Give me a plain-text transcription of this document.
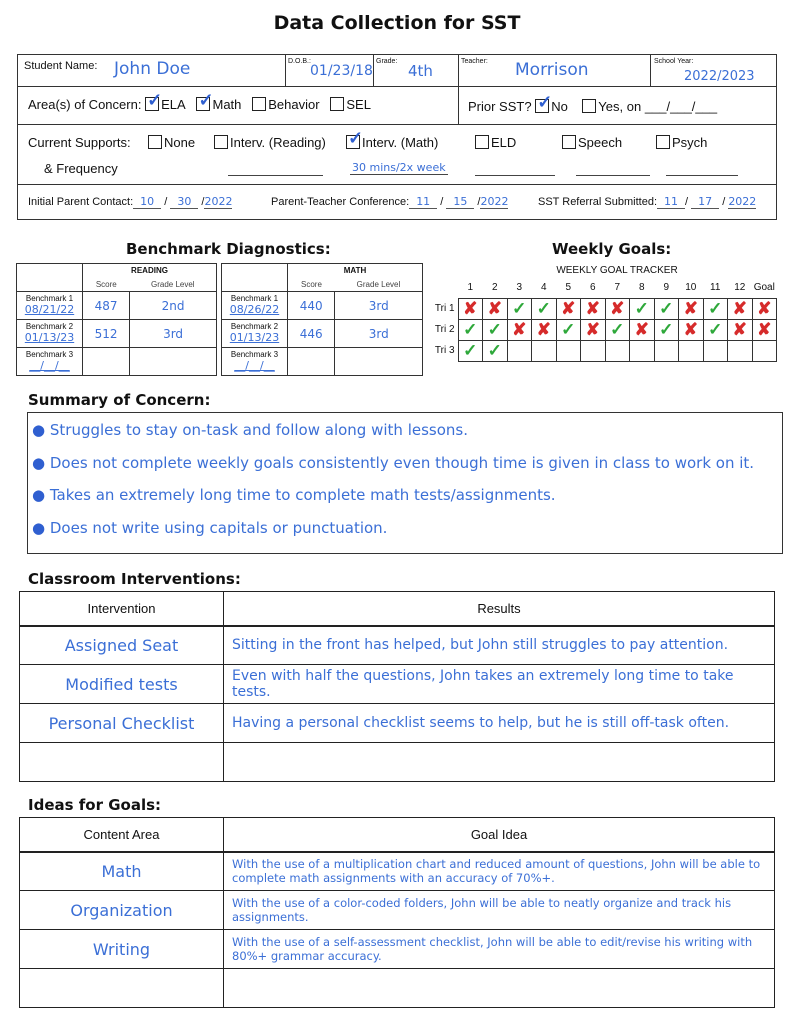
Data Collection for SST
Student Name: John Doe	D.O.B.:
01/23/18
Grade:
4th
Teacher: Morrison	School Year:
2022/2023
Area(s) of Concern: ✓ ELA ✓ Math Behavior SEL	Prior SST? ✓ No Yes, on ___/___/___
Current Supports:	None	Interv. (Reading) ✓	Interv. (Math)	ELD	Speech	Psych
& Frequency	30 mins/2x week
Initial Parent Contact: 10 / 30 /2022	Parent-Teacher Conference: 11 / 15 /2022	SST Referral Submitted: 11 / 17 / 2022
Benchmark Diagnostics:	Weekly Goals:
	READING	
	Score	Grade Level

Benchmark 1
08/21/22	487	2nd

Benchmark 2
01/13/23	512	3rd

Benchmark 3
__/__/__		

	MATH	
	Score	Grade Level

Benchmark 1
08/26/22	440	3rd

Benchmark 2
01/13/23	446	3rd

Benchmark 3
__/__/__		

WEEKLY GOAL TRACKER
	1	2	3	4	5	6	7	8	9	10	11	12	Goal
Tri 1	✘	✘	✓	✓	✘	✘	✘	✓	✓	✘	✓	✘	✘
Tri 2	✓	✓	✘	✘	✓	✘	✓	✘	✓	✘	✓	✘	✘
Tri 3	✓	✓											
Summary of Concern:
● Struggles to stay on-task and follow along with lessons.
● Does not complete weekly goals consistently even though time is given in class to work on it.
● Takes an extremely long time to complete math tests/assignments.
● Does not write using capitals or punctuation.
Classroom Interventions:
Intervention	Results
Assigned Seat	Sitting in the front has helped, but John still struggles to pay attention.
Modified tests	Even with half the questions, John takes an extremely long time to take tests.
Personal Checklist	Having a personal checklist seems to help, but he is still off-task often.

Ideas for Goals:
Content Area	Goal Idea
Math	With the use of a multiplication chart and reduced amount of questions, John will be able to complete math assignments with an accuracy of 70%+.
Organization	With the use of a color-coded folders, John will be able to neatly organize and track his assignments.
Writing	With the use of a self-assessment checklist, John will be able to edit/revise his writing with 80%+ grammar accuracy.
